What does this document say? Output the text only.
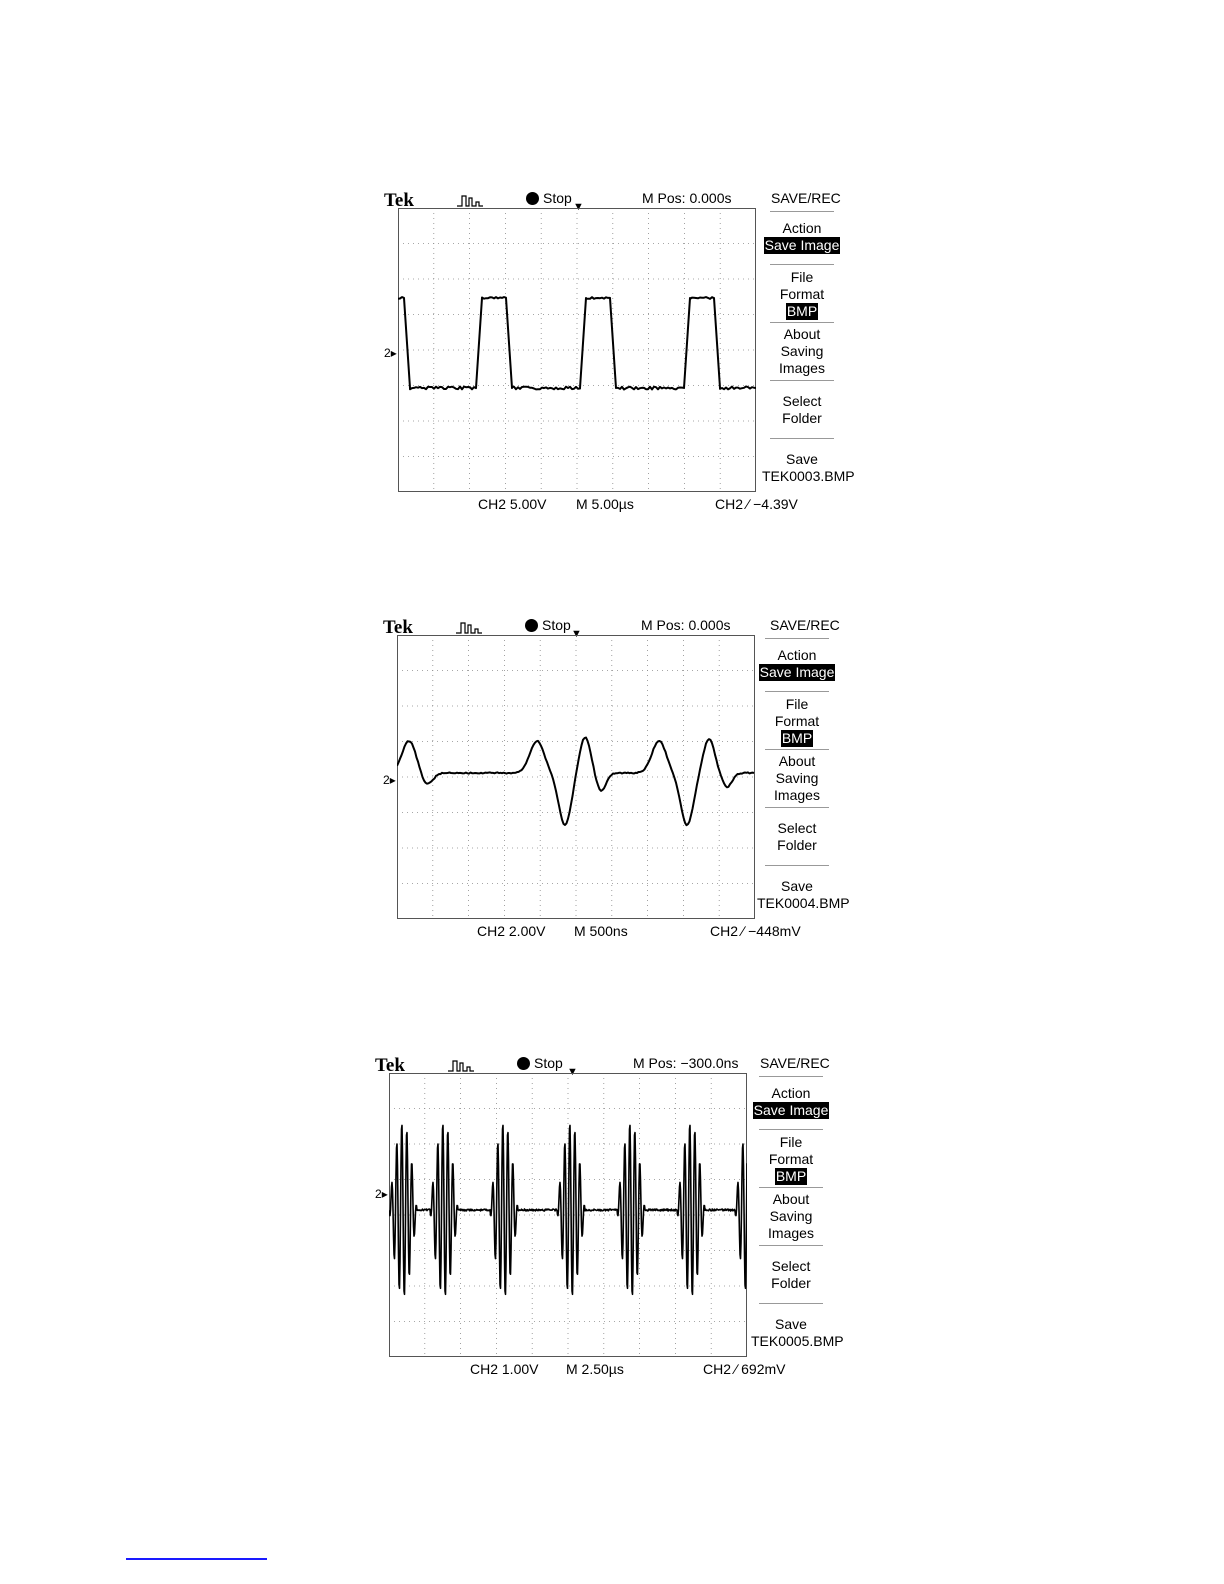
Tek	Stop	M Pos: 0.000s	SAVE/REC
▼
2▸
CH2 5.00V M 5.00µs	CH2 ∕ −4.39V
Action
Save Image
File
Format
BMP
About
Saving
Images
Select
Folder
Save
TEK0003.BMP
Tek	Stop	M Pos: 0.000s	SAVE/REC
▼
2▸
CH2 2.00V M 500ns	CH2 ∕ −448mV
Action
Save Image
File
Format
BMP
About
Saving
Images
Select
Folder
Save
TEK0004.BMP
Tek	Stop	M Pos: −300.0ns SAVE/REC
▼
2▸
CH2 1.00V M 2.50µs	CH2 ∕ 692mV
Action
Save Image
File
Format
BMP
About
Saving
Images
Select
Folder
Save
TEK0005.BMP
